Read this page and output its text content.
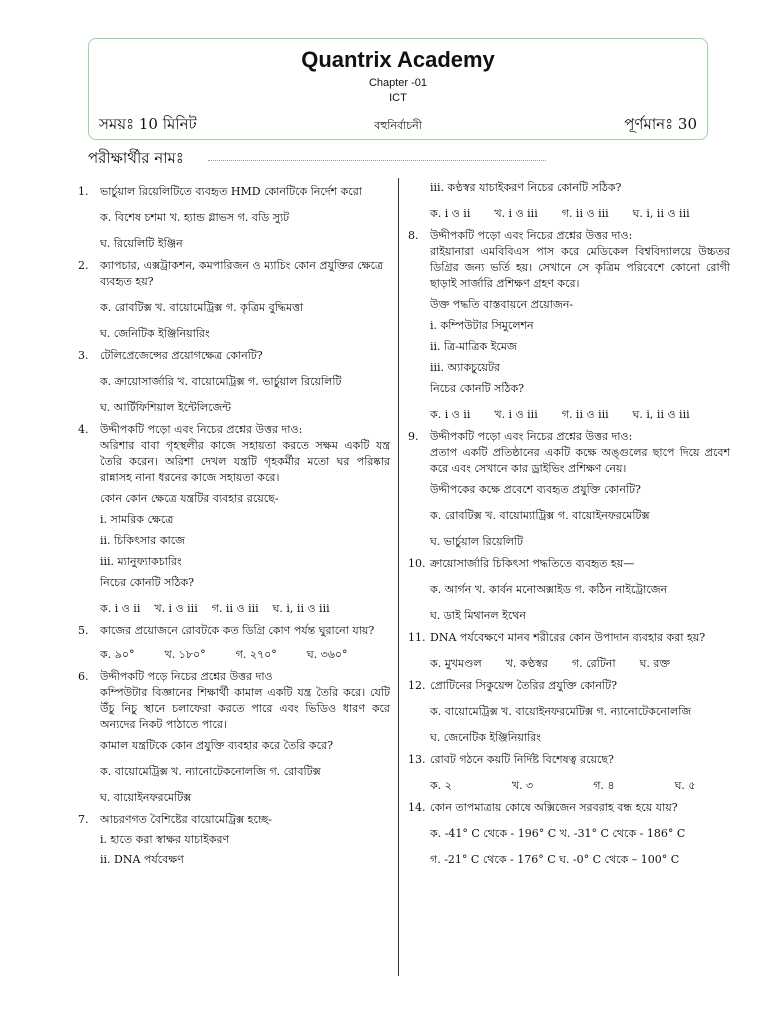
Quantrix Academy
Chapter -01
ICT
সময়ঃ 10 মিনিট	বহুনির্বাচনী	পূর্ণমানঃ 30
পরীক্ষার্থীর নামঃ
1. ভার্চুয়াল রিয়েলিটিতে ব্যবহৃত HMD কোনটিকে নির্দেশ করো
ক. বিশেষ চশমা খ. হ্যান্ড গ্লাভস গ. বডি স্যুট
ঘ. রিয়েলিটি ইঞ্জিন
2. ক্যাপচার, এক্সট্রাকশন, কমপারিজন ও ম্যাচিং কোন প্রযুক্তির ক্ষেত্রে ব্যবহৃত হয়?
ক. রোবটিক্স খ. বায়োমেট্রিক্স গ. কৃত্রিম বুদ্ধিমত্তা
ঘ. জেনিটিক ইঞ্জিনিয়ারিং
3. টেলিপ্রেজেন্সের প্রয়োগক্ষেত্র কোনটি?
ক. ক্রায়োসার্জারি খ. বায়োমেট্রিক্স গ. ভার্চুয়াল রিয়েলিটি
ঘ. আর্টিফিশিয়াল ইন্টেলিজেন্ট
4. উদ্দীপকটি পড়ো এবং নিচের প্রশ্নের উত্তর দাও:
অরিশার বাবা গৃহস্থলীর কাজে সহায়তা করতে সক্ষম একটি যন্ত্র তৈরি করেন। অরিশা দেখল যন্ত্রটি গৃহকর্মীর মতো ঘর পরিষ্কার রান্নাসহ নানা ধরনের কাজে সহায়তা করে।
কোন কোন ক্ষেত্রে যন্ত্রটির ব্যবহার রয়েছে-
i. সামরিক ক্ষেত্রে
ii. চিকিৎসার কাজে
iii. ম্যানুফ্যাকচারিং
নিচের কোনটি সঠিক?
ক. i ও ii খ. i ও iii গ. ii ও iii ঘ. i, ii ও iii
5. কাজের প্রয়োজনে রোবটকে কত ডিগ্রি কোণ পর্যন্ত ঘুরানো যায়?
ক. ৯০°	খ. ১৮০°	গ. ২৭০°	ঘ. ৩৬০°
6. উদ্দীপকটি পড়ে নিচের প্রশ্নের উত্তর দাও
কম্পিউটার বিজ্ঞানের শিক্ষার্থী কামাল একটি যন্ত্র তৈরি করে। যেটি উঁচু নিচু স্থানে চলাফেরা করতে পারে এবং ভিডিও ধারণ করে অন্যদের নিকট পাঠাতে পারে।
কামাল যন্ত্রটিকে কোন প্রযুক্তি ব্যবহার করে তৈরি করে?
ক. বায়োমেট্রিক্স খ. ন্যানোটেকনোলজি গ. রোবটিক্স
ঘ. বায়োইনফরমেটিক্স
7. আচরণগত বৈশিষ্টের বায়োমেট্রিক্স হচ্ছে-
i. হাতে করা স্বাক্ষর যাচাইকরণ
ii. DNA পর্যবেক্ষণ
iii. কণ্ঠস্বর যাচাইকরণ নিচের কোনটি সঠিক?
ক. i ও ii খ. i ও iii গ. ii ও iii ঘ. i, ii ও iii
8. উদ্দীপকটি পড়ো এবং নিচের প্রশ্নের উত্তর দাও:
রাইয়ানারা এমবিবিএস পাস করে মেডিকেল বিশ্ববিদ্যালয়ে উচ্চতর ডিগ্রির জন্য ভর্তি হয়। সেখানে সে কৃত্রিম পরিবেশে কোনো রোগী ছাড়াই সার্জারি প্রশিক্ষণ গ্রহণ করে।
উক্ত পদ্ধতি বাস্তবায়নে প্রয়োজন-
i. কম্পিউটার সিমুলেশন
ii. ত্রি-মাত্রিক ইমেজ
iii. অ্যাকচুয়েটর
নিচের কোনটি সঠিক?
ক. i ও ii খ. i ও iii গ. ii ও iii ঘ. i, ii ও iii
9. উদ্দীপকটি পড়ো এবং নিচের প্রশ্নের উত্তর দাও:
প্রতাপ একটি প্রতিষ্ঠানের একটি কক্ষে অঙ্গুলের ছাপে দিয়ে প্রবেশ করে এবং সেখানে কার ড্রাইভিং প্রশিক্ষণ নেয়।
উদ্দীপকের কক্ষে প্রবেশে ব্যবহৃত প্রযুক্তি কোনটি?
ক. রোবটিক্স খ. বায়োম্যাট্রিক্স গ. বায়োইনফরমেটিক্স
ঘ. ভার্চুয়াল রিয়েলিটি
10. ক্রায়োসার্জারি চিকিৎসা পদ্ধতিতে ব্যবহৃত হয়—
ক. আর্গন খ. কার্বন মনোঅক্সাইড গ. কঠিন নাইট্রোজেন
ঘ. ডাই মিথানল ইথেন
11. DNA পর্যবেক্ষণে মানব শরীরের কোন উপাদান ব্যবহার করা হয়?
ক. মুখমণ্ডল খ. কণ্ঠস্বর গ. রেটিনা ঘ. রক্ত
12. প্রোটিনের সিকুয়েন্স তৈরির প্রযুক্তি কোনটি?
ক. বায়োমেট্রিক্স খ. বায়োইনফরমেটিক্স গ. ন্যানোটেকনোলজি
ঘ. জেনেটিক ইঞ্জিনিয়ারিং
13. রোবট গঠনে কয়টি নির্দিষ্ট বিশেষত্ব রয়েছে?
ক. ২	খ. ৩	গ. ৪	ঘ. ৫
14. কোন তাপমাত্রায় কোষে অক্সিজেন সরবরাহ বন্ধ হয়ে যায়?
ক. -41° C থেকে - 196° C খ. -31° C থেকে - 186° C
গ. -21° C থেকে - 176° C ঘ. -0° C থেকে – 100° C
